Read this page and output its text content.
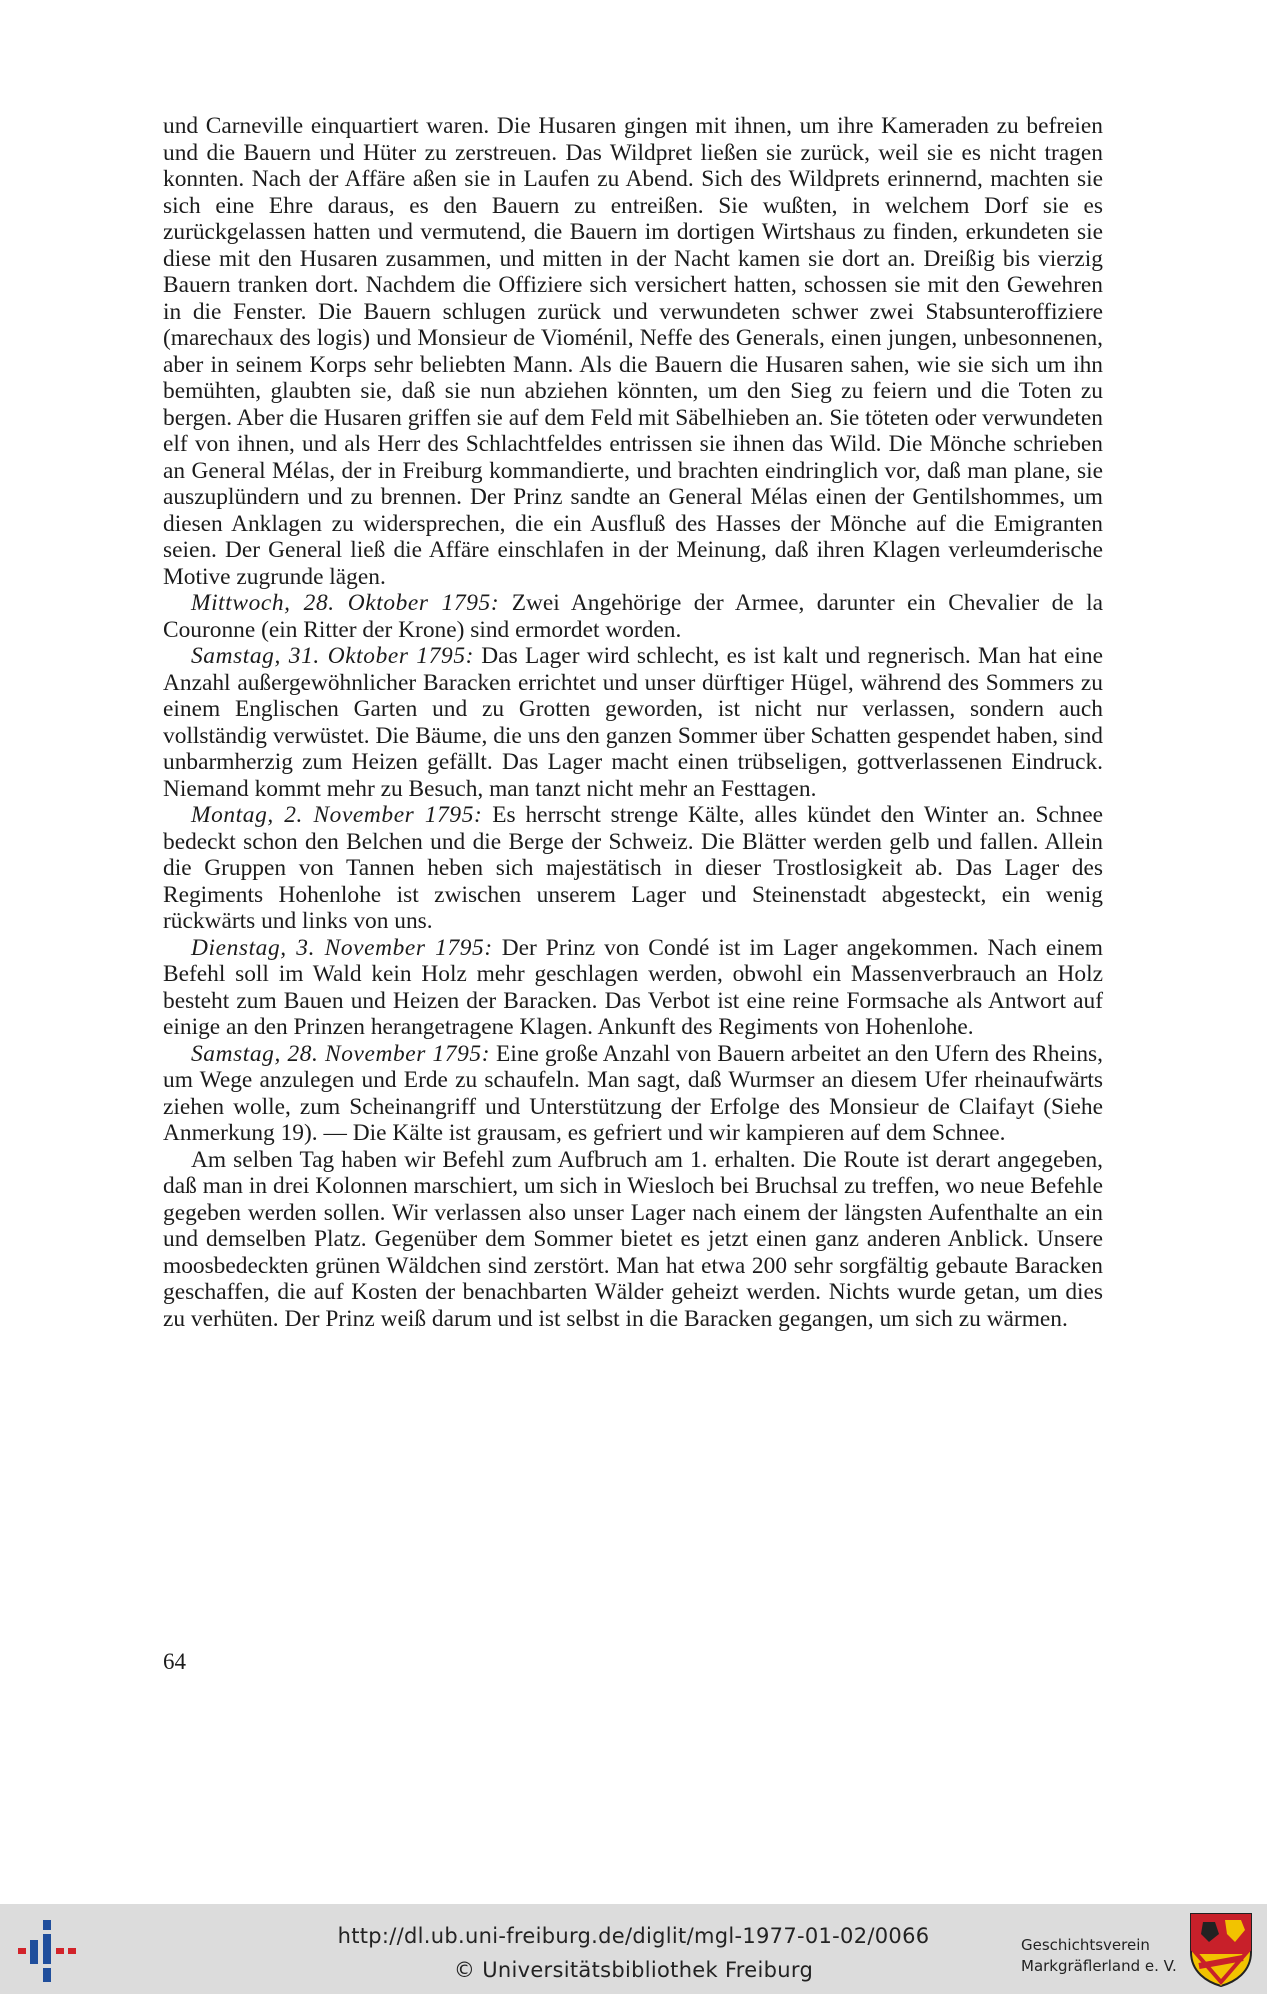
und Carneville einquartiert waren. Die Husaren gingen mit ihnen, um ihre Kameraden zu befreien und die Bauern und Hüter zu zerstreuen. Das Wildpret ließen sie zurück, weil sie es nicht tragen konnten. Nach der Affäre aßen sie in Laufen zu Abend. Sich des Wildprets erinnernd, machten sie sich eine Ehre daraus, es den Bauern zu entreißen. Sie wußten, in welchem Dorf sie es zurückgelassen hatten und vermutend, die Bauern im dortigen Wirtshaus zu finden, erkundeten sie diese mit den Husaren zusammen, und mitten in der Nacht kamen sie dort an. Dreißig bis vierzig Bauern tranken dort. Nachdem die Offiziere sich versichert hatten, schossen sie mit den Gewehren in die Fenster. Die Bauern schlugen zurück und verwundeten schwer zwei Stabsunteroffiziere (marechaux des logis) und Monsieur de Vioménil, Neffe des Generals, einen jungen, unbesonnenen, aber in seinem Korps sehr beliebten Mann. Als die Bauern die Husaren sahen, wie sie sich um ihn bemühten, glaubten sie, daß sie nun abziehen könnten, um den Sieg zu feiern und die Toten zu bergen. Aber die Husaren griffen sie auf dem Feld mit Säbelhieben an. Sie töteten oder verwundeten elf von ihnen, und als Herr des Schlachtfeldes entrissen sie ihnen das Wild. Die Mönche schrieben an General Mélas, der in Freiburg kommandierte, und brachten eindringlich vor, daß man plane, sie auszuplündern und zu brennen. Der Prinz sandte an General Mélas einen der Gentilshommes, um diesen Anklagen zu widersprechen, die ein Ausfluß des Hasses der Mönche auf die Emigranten seien. Der General ließ die Affäre einschlafen in der Meinung, daß ihren Klagen verleumderische Motive zugrunde lägen.

Mittwoch, 28. Oktober 1795: Zwei Angehörige der Armee, darunter ein Chevalier de la Couronne (ein Ritter der Krone) sind ermordet worden.

Samstag, 31. Oktober 1795: Das Lager wird schlecht, es ist kalt und regnerisch. Man hat eine Anzahl außergewöhnlicher Baracken errichtet und unser dürftiger Hügel, während des Sommers zu einem Englischen Garten und zu Grotten geworden, ist nicht nur verlassen, sondern auch vollständig verwüstet. Die Bäume, die uns den ganzen Sommer über Schatten gespendet haben, sind unbarmherzig zum Heizen gefällt. Das Lager macht einen trübseligen, gottverlassenen Eindruck. Niemand kommt mehr zu Besuch, man tanzt nicht mehr an Festtagen.

Montag, 2. November 1795: Es herrscht strenge Kälte, alles kündet den Winter an. Schnee bedeckt schon den Belchen und die Berge der Schweiz. Die Blätter werden gelb und fallen. Allein die Gruppen von Tannen heben sich majestätisch in dieser Trostlosigkeit ab. Das Lager des Regiments Hohenlohe ist zwischen unserem Lager und Steinenstadt abgesteckt, ein wenig rückwärts und links von uns.

Dienstag, 3. November 1795: Der Prinz von Condé ist im Lager angekommen. Nach einem Befehl soll im Wald kein Holz mehr geschlagen werden, obwohl ein Massenverbrauch an Holz besteht zum Bauen und Heizen der Baracken. Das Verbot ist eine reine Formsache als Antwort auf einige an den Prinzen herangetragene Klagen. Ankunft des Regiments von Hohenlohe.

Samstag, 28. November 1795: Eine große Anzahl von Bauern arbeitet an den Ufern des Rheins, um Wege anzulegen und Erde zu schaufeln. Man sagt, daß Wurmser an diesem Ufer rheinaufwärts ziehen wolle, zum Scheinangriff und Unterstützung der Erfolge des Monsieur de Claifayt (Siehe Anmerkung 19). — Die Kälte ist grausam, es gefriert und wir kampieren auf dem Schnee.

Am selben Tag haben wir Befehl zum Aufbruch am 1. erhalten. Die Route ist derart angegeben, daß man in drei Kolonnen marschiert, um sich in Wiesloch bei Bruchsal zu treffen, wo neue Befehle gegeben werden sollen. Wir verlassen also unser Lager nach einem der längsten Aufenthalte an ein und demselben Platz. Gegenüber dem Sommer bietet es jetzt einen ganz anderen Anblick. Unsere moosbedeckten grünen Wäldchen sind zerstört. Man hat etwa 200 sehr sorgfältig gebaute Baracken geschaffen, die auf Kosten der benachbarten Wälder geheizt werden. Nichts wurde getan, um dies zu verhüten. Der Prinz weiß darum und ist selbst in die Baracken gegangen, um sich zu wärmen.

64
http://dl.ub.uni-freiburg.de/diglit/mgl-1977-01-02/0066
© Universitätsbibliothek Freiburg
Geschichtsverein
Markgräflerland e. V.
